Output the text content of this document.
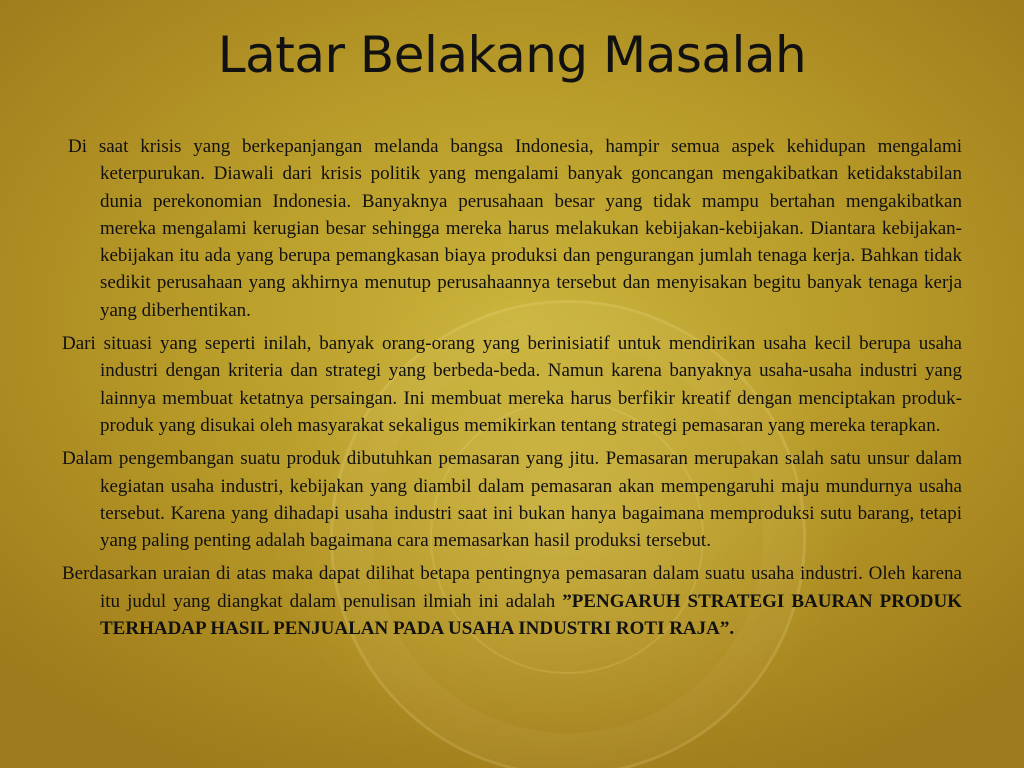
Latar Belakang Masalah

Di saat krisis yang berkepanjangan melanda bangsa Indonesia, hampir semua aspek kehidupan mengalami keterpurukan. Diawali dari krisis politik yang mengalami banyak goncangan mengakibatkan ketidakstabilan dunia perekonomian Indonesia. Banyaknya perusahaan besar yang tidak mampu bertahan mengakibatkan mereka mengalami kerugian besar sehingga mereka harus melakukan kebijakan-kebijakan. Diantara kebijakan-kebijakan itu ada yang berupa pemangkasan biaya produksi dan pengurangan jumlah tenaga kerja. Bahkan tidak sedikit perusahaan yang akhirnya menutup perusahaannya tersebut dan menyisakan begitu banyak tenaga kerja yang diberhentikan.

Dari situasi yang seperti inilah, banyak orang-orang yang berinisiatif untuk mendirikan usaha kecil berupa usaha industri dengan kriteria dan strategi yang berbeda-beda. Namun karena banyaknya usaha-usaha industri yang lainnya membuat ketatnya persaingan. Ini membuat mereka harus berfikir kreatif dengan menciptakan produk-produk yang disukai oleh masyarakat sekaligus memikirkan tentang strategi pemasaran yang mereka terapkan.

Dalam pengembangan suatu produk dibutuhkan pemasaran yang jitu. Pemasaran merupakan salah satu unsur dalam kegiatan usaha industri, kebijakan yang diambil dalam pemasaran akan mempengaruhi maju mundurnya usaha tersebut. Karena yang dihadapi usaha industri saat ini bukan hanya bagaimana memproduksi sutu barang, tetapi yang paling penting adalah bagaimana cara memasarkan hasil produksi tersebut.

Berdasarkan uraian di atas maka dapat dilihat betapa pentingnya pemasaran dalam suatu usaha industri. Oleh karena itu judul yang diangkat dalam penulisan ilmiah ini adalah ”PENGARUH STRATEGI BAURAN PRODUK TERHADAP HASIL PENJUALAN PADA USAHA INDUSTRI ROTI RAJA”.
